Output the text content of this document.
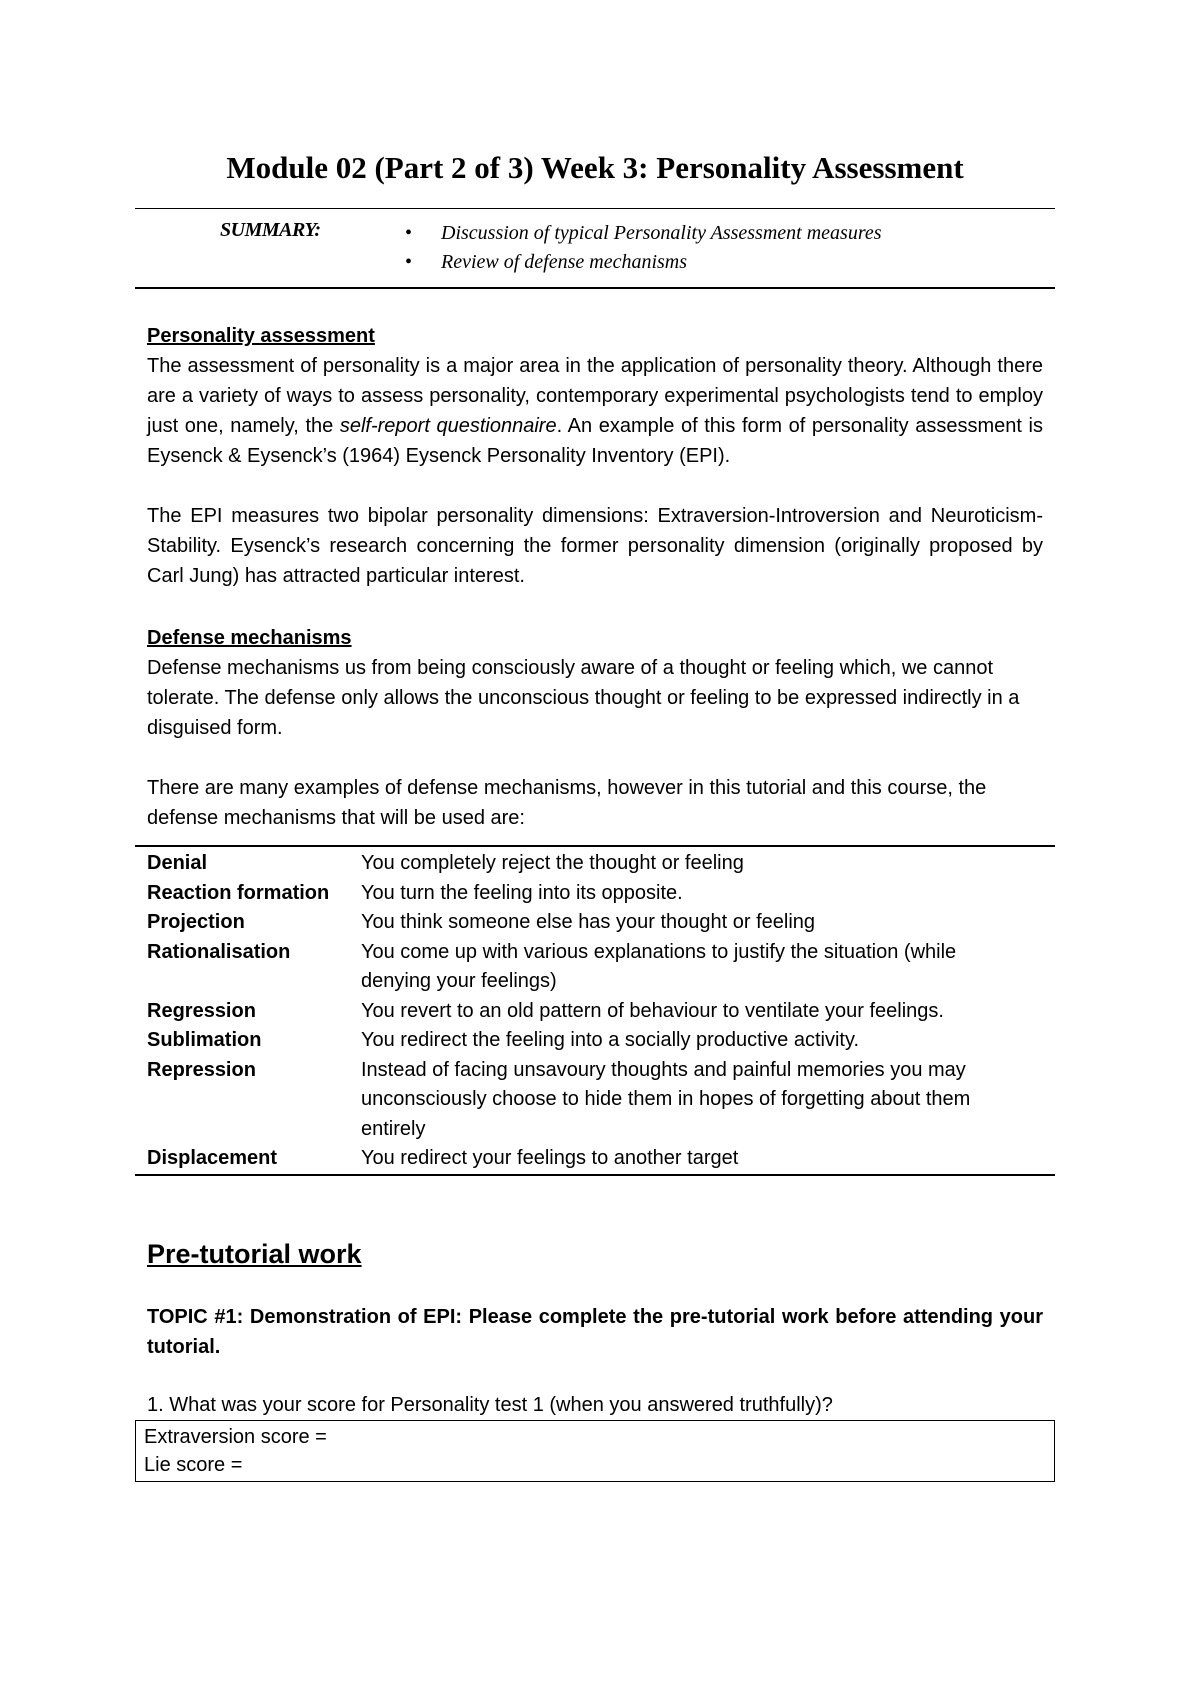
Module 02 (Part 2 of 3) Week 3: Personality Assessment
SUMMARY:
•	Discussion of typical Personality Assessment measures
• Review of defense mechanisms
Personality assessment

The assessment of personality is a major area in the application of personality theory. Although there are a variety of ways to assess personality, contemporary experimental psychologists tend to employ just one, namely, the self-report questionnaire. An example of this form of personality assessment is Eysenck & Eysenck’s (1964) Eysenck Personality Inventory (EPI).

The EPI measures two bipolar personality dimensions: Extraversion-Introversion and Neuroticism-Stability. Eysenck’s research concerning the former personality dimension (originally proposed by Carl Jung) has attracted particular interest.

Defense mechanisms

Defense mechanisms us from being consciously aware of a thought or feeling which, we cannot tolerate. The defense only allows the unconscious thought or feeling to be expressed indirectly in a disguised form.

There are many examples of defense mechanisms, however in this tutorial and this course, the defense mechanisms that will be used are:

Denial	You completely reject the thought or feeling
Reaction formation	You turn the feeling into its opposite.
Projection	You think someone else has your thought or feeling
Rationalisation	You come up with various explanations to justify the situation (while denying your feelings)
Regression	You revert to an old pattern of behaviour to ventilate your feelings.
Sublimation	You redirect the feeling into a socially productive activity.
Repression	Instead of facing unsavoury thoughts and painful memories you may unconsciously choose to hide them in hopes of forgetting about them entirely
Displacement	You redirect your feelings to another target
Pre-tutorial work

TOPIC #1: Demonstration of EPI: Please complete the pre-tutorial work before attending your tutorial.

1. What was your score for Personality test 1 (when you answered truthfully)?

Extraversion score =
Lie score =
